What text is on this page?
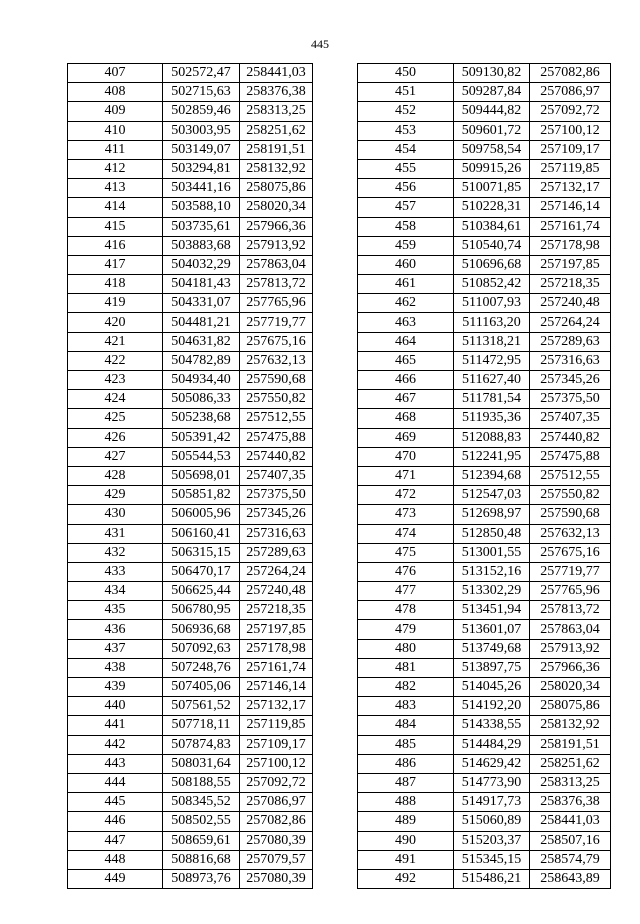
445
407	502572,47	258441,03
408	502715,63	258376,38
409	502859,46	258313,25
410	503003,95	258251,62
411	503149,07	258191,51
412	503294,81	258132,92
413	503441,16	258075,86
414	503588,10	258020,34
415	503735,61	257966,36
416	503883,68	257913,92
417	504032,29	257863,04
418	504181,43	257813,72
419	504331,07	257765,96
420	504481,21	257719,77
421	504631,82	257675,16
422	504782,89	257632,13
423	504934,40	257590,68
424	505086,33	257550,82
425	505238,68	257512,55
426	505391,42	257475,88
427	505544,53	257440,82
428	505698,01	257407,35
429	505851,82	257375,50
430	506005,96	257345,26
431	506160,41	257316,63
432	506315,15	257289,63
433	506470,17	257264,24
434	506625,44	257240,48
435	506780,95	257218,35
436	506936,68	257197,85
437	507092,63	257178,98
438	507248,76	257161,74
439	507405,06	257146,14
440	507561,52	257132,17
441	507718,11	257119,85
442	507874,83	257109,17
443	508031,64	257100,12
444	508188,55	257092,72
445	508345,52	257086,97
446	508502,55	257082,86
447	508659,61	257080,39
448	508816,68	257079,57
449	508973,76	257080,39
450	509130,82	257082,86
451	509287,84	257086,97
452	509444,82	257092,72
453	509601,72	257100,12
454	509758,54	257109,17
455	509915,26	257119,85
456	510071,85	257132,17
457	510228,31	257146,14
458	510384,61	257161,74
459	510540,74	257178,98
460	510696,68	257197,85
461	510852,42	257218,35
462	511007,93	257240,48
463	511163,20	257264,24
464	511318,21	257289,63
465	511472,95	257316,63
466	511627,40	257345,26
467	511781,54	257375,50
468	511935,36	257407,35
469	512088,83	257440,82
470	512241,95	257475,88
471	512394,68	257512,55
472	512547,03	257550,82
473	512698,97	257590,68
474	512850,48	257632,13
475	513001,55	257675,16
476	513152,16	257719,77
477	513302,29	257765,96
478	513451,94	257813,72
479	513601,07	257863,04
480	513749,68	257913,92
481	513897,75	257966,36
482	514045,26	258020,34
483	514192,20	258075,86
484	514338,55	258132,92
485	514484,29	258191,51
486	514629,42	258251,62
487	514773,90	258313,25
488	514917,73	258376,38
489	515060,89	258441,03
490	515203,37	258507,16
491	515345,15	258574,79
492	515486,21	258643,89
